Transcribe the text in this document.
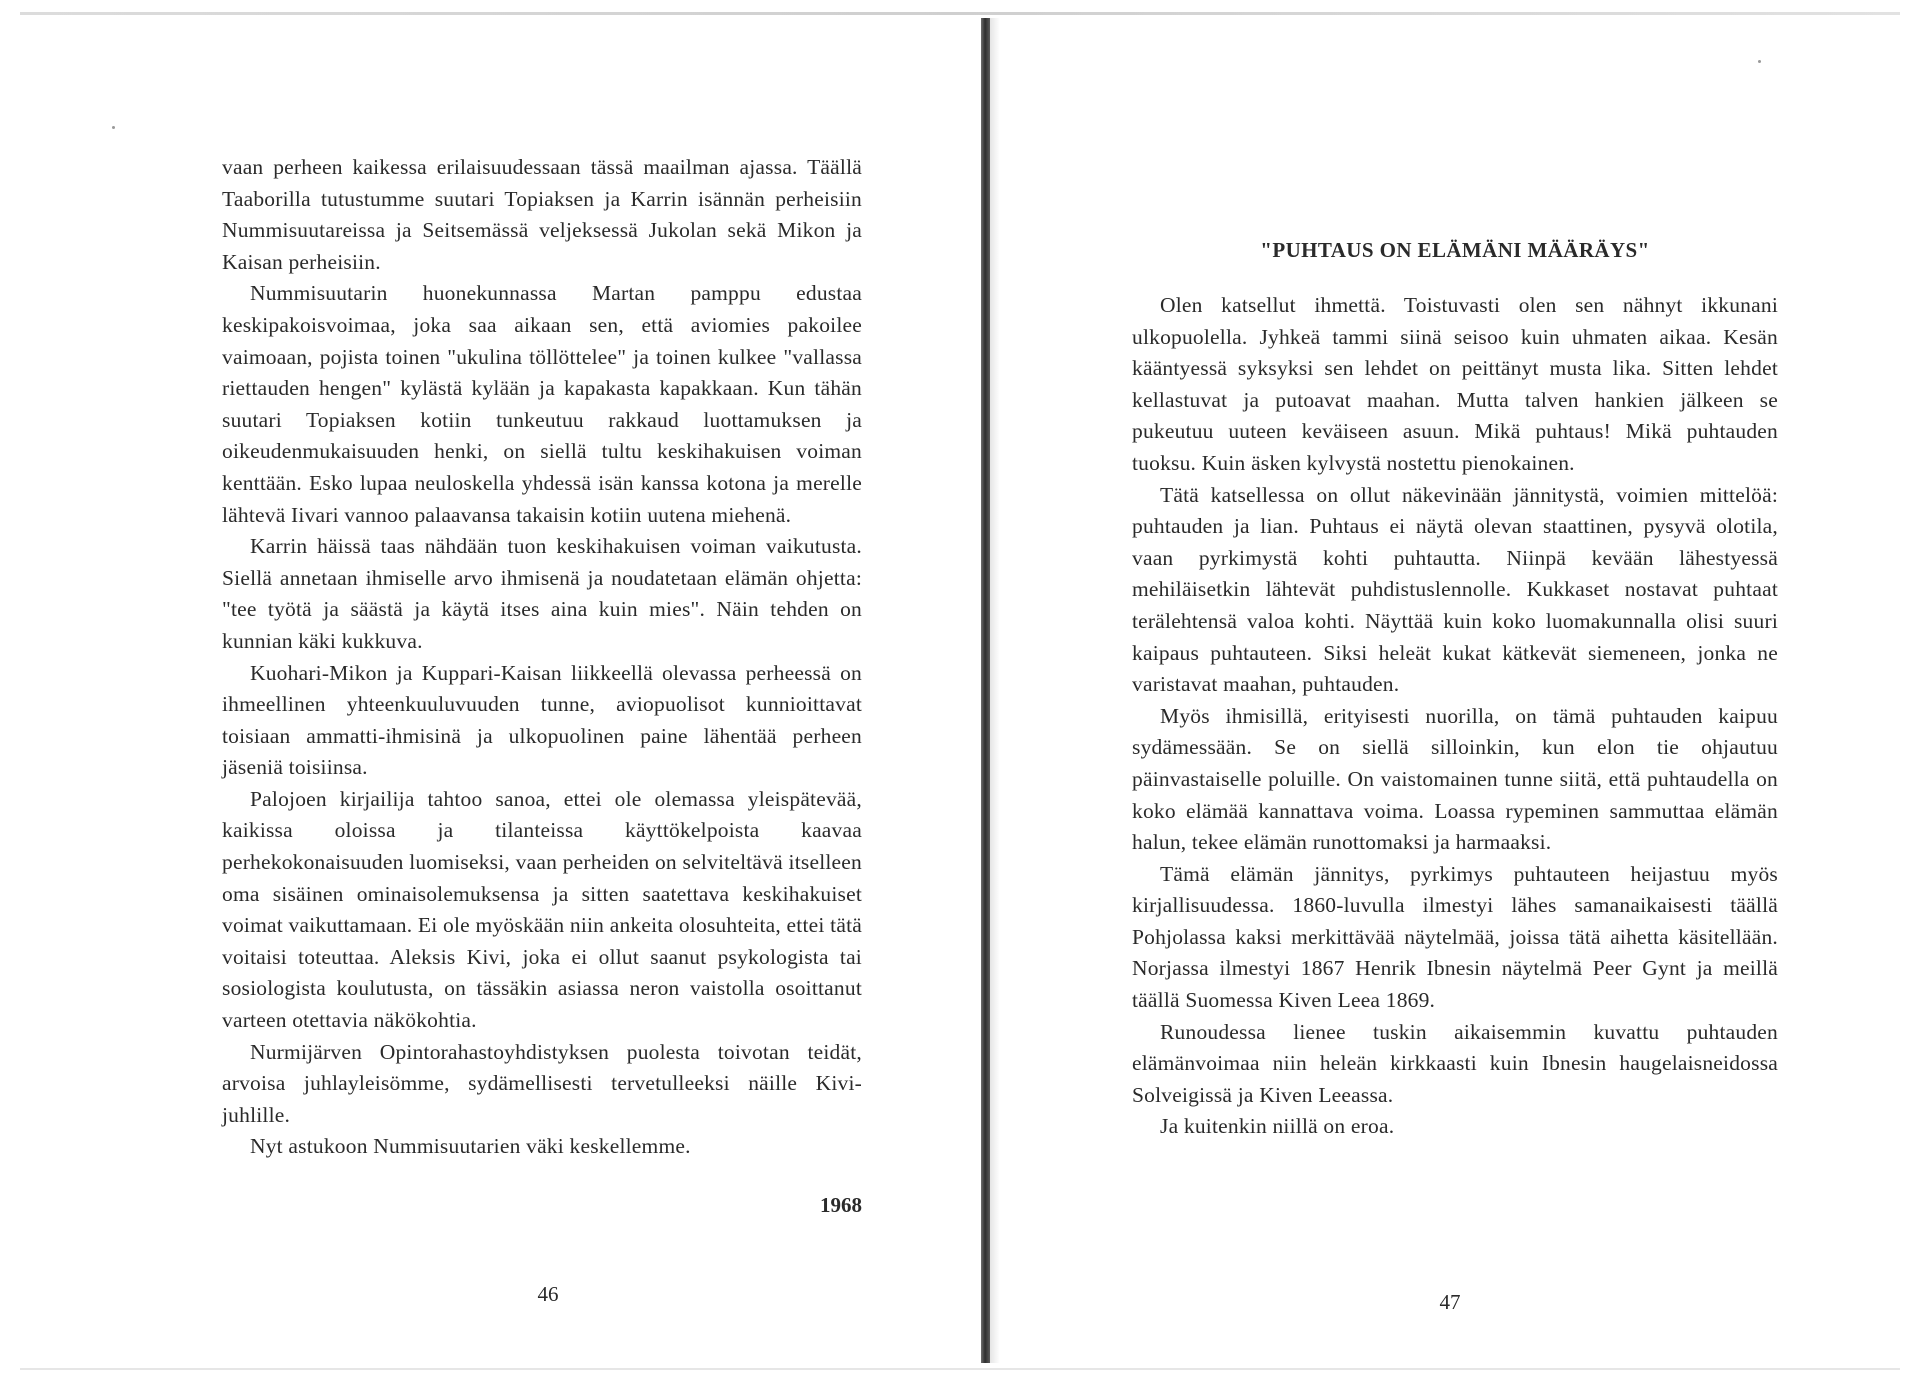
vaan perheen kaikessa erilaisuudessaan tässä maailman ajassa. Täällä Taaborilla tutustumme suutari Topiaksen ja Karrin isännän perheisiin Nummisuutareissa ja Seitsemässä veljeksessä Jukolan sekä Mikon ja Kaisan perheisiin.

Nummisuutarin huonekunnassa Martan pamppu edustaa keskipakoisvoimaa, joka saa aikaan sen, että aviomies pakoilee vaimoaan, pojista toinen "ukulina töllöttelee" ja toinen kulkee "vallassa riettauden hengen" kylästä kylään ja kapakasta kapakkaan. Kun tähän suutari Topiaksen kotiin tunkeutuu rakkaud luottamuksen ja oikeudenmukaisuuden henki, on siellä tultu keskihakuisen voiman kenttään. Esko lupaa neuloskella yhdessä isän kanssa kotona ja merelle lähtevä Iivari vannoo palaavansa takaisin kotiin uutena miehenä.

Karrin häissä taas nähdään tuon keskihakuisen voiman vaikutusta. Siellä annetaan ihmiselle arvo ihmisenä ja noudatetaan elämän ohjetta: "tee työtä ja säästä ja käytä itses aina kuin mies". Näin tehden on kunnian käki kukkuva.

Kuohari-Mikon ja Kuppari-Kaisan liikkeellä olevassa perheessä on ihmeellinen yhteenkuuluvuuden tunne, aviopuolisot kunnioittavat toisiaan ammatti-ihmisinä ja ulkopuolinen paine lähentää perheen jäseniä toisiinsa.

Palojoen kirjailija tahtoo sanoa, ettei ole olemassa yleispätevää, kaikissa oloissa ja tilanteissa käyttökelpoista kaavaa perhekokonaisuuden luomiseksi, vaan perheiden on selviteltävä itselleen oma sisäinen ominaisolemuksensa ja sitten saatettava keskihakuiset voimat vaikuttamaan. Ei ole myöskään niin ankeita olosuhteita, ettei tätä voitaisi toteuttaa. Aleksis Kivi, joka ei ollut saanut psykologista tai sosiologista koulutusta, on tässäkin asiassa neron vaistolla osoittanut varteen otettavia näkökohtia.

Nurmijärven Opintorahastoyhdistyksen puolesta toivotan teidät, arvoisa juhlayleisömme, sydämellisesti tervetulleeksi näille Kivi-juhlille.

Nyt astukoon Nummisuutarien väki keskellemme.

1968
46
"PUHTAUS ON ELÄMÄNI MÄÄRÄYS"

Olen katsellut ihmettä. Toistuvasti olen sen nähnyt ikkunani ulkopuolella. Jyhkeä tammi siinä seisoo kuin uhmaten aikaa. Kesän kääntyessä syksyksi sen lehdet on peittänyt musta lika. Sitten lehdet kellastuvat ja putoavat maahan. Mutta talven hankien jälkeen se pukeutuu uuteen keväiseen asuun. Mikä puhtaus! Mikä puhtauden tuoksu. Kuin äsken kylvystä nostettu pienokainen.

Tätä katsellessa on ollut näkevinään jännitystä, voimien mittelöä: puhtauden ja lian. Puhtaus ei näytä olevan staattinen, pysyvä olotila, vaan pyrkimystä kohti puhtautta. Niinpä kevään lähestyessä mehiläisetkin lähtevät puhdistuslennolle. Kukkaset nostavat puhtaat terälehtensä valoa kohti. Näyttää kuin koko luomakunnalla olisi suuri kaipaus puhtauteen. Siksi heleät kukat kätkevät siemeneen, jonka ne varistavat maahan, puhtauden.

Myös ihmisillä, erityisesti nuorilla, on tämä puhtauden kaipuu sydämessään. Se on siellä silloinkin, kun elon tie ohjautuu päinvastaiselle poluille. On vaistomainen tunne siitä, että puhtaudella on koko elämää kannattava voima. Loassa rypeminen sammuttaa elämän halun, tekee elämän runottomaksi ja harmaaksi.

Tämä elämän jännitys, pyrkimys puhtauteen heijastuu myös kirjallisuudessa. 1860-luvulla ilmestyi lähes samanaikaisesti täällä Pohjolassa kaksi merkittävää näytelmää, joissa tätä aihetta käsitellään. Norjassa ilmestyi 1867 Henrik Ibnesin näytelmä Peer Gynt ja meillä täällä Suomessa Kiven Leea 1869.

Runoudessa lienee tuskin aikaisemmin kuvattu puhtauden elämänvoimaa niin heleän kirkkaasti kuin Ibnesin haugelaisneidossa Solveigissä ja Kiven Leeassa.

Ja kuitenkin niillä on eroa.

47
